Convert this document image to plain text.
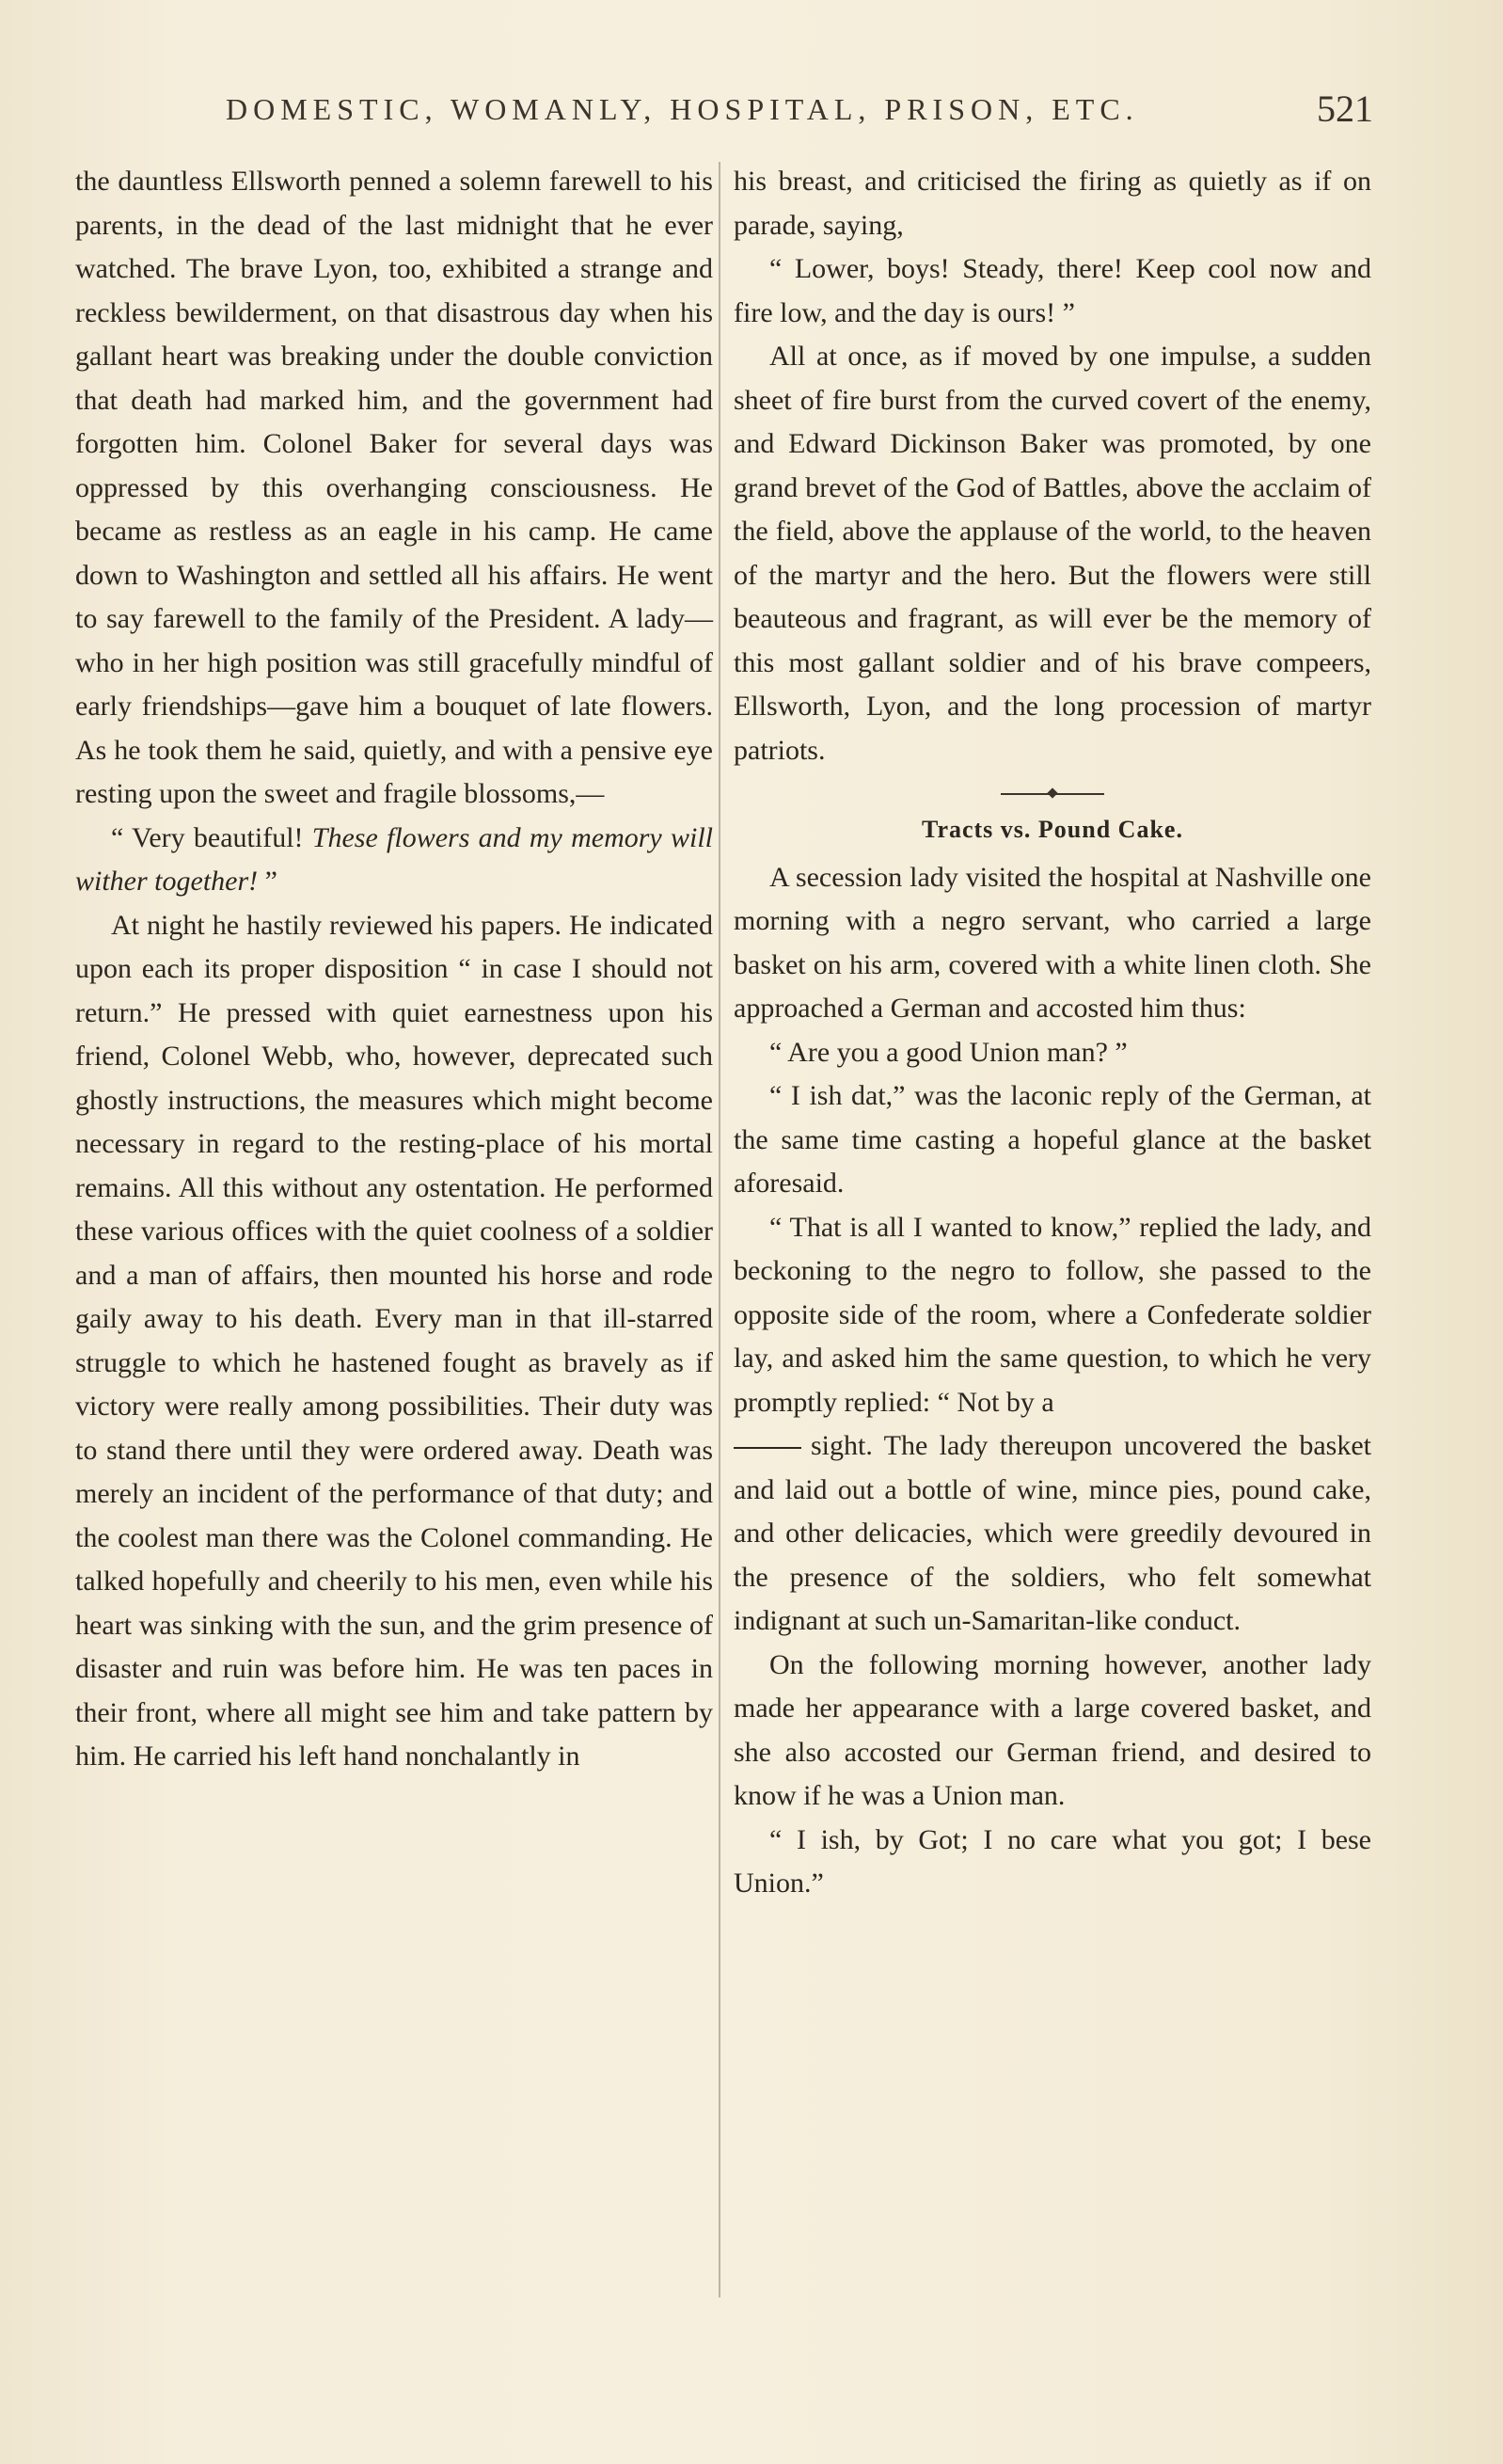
DOMESTIC, WOMANLY, HOSPITAL, PRISON, ETC.	521

the dauntless Ellsworth penned a solemn farewell to his parents, in the dead of the last midnight that he ever watched. The brave Lyon, too, exhibited a strange and reckless bewilderment, on that disastrous day when his gallant heart was breaking under the double conviction that death had marked him, and the government had forgotten him. Colonel Baker for several days was oppressed by this overhanging consciousness. He became as restless as an eagle in his camp. He came down to Washington and settled all his affairs. He went to say farewell to the family of the President. A lady—who in her high position was still gracefully mindful of early friendships—gave him a bouquet of late flowers. As he took them he said, quietly, and with a pensive eye resting upon the sweet and fragile blossoms,—

“ Very beautiful! These flowers and my memory will wither together! ”

At night he hastily reviewed his papers. He indicated upon each its proper disposition “ in case I should not return.” He pressed with quiet earnestness upon his friend, Colonel Webb, who, however, deprecated such ghostly instructions, the measures which might become necessary in regard to the resting-place of his mortal remains. All this without any ostentation. He performed these various offices with the quiet coolness of a soldier and a man of affairs, then mounted his horse and rode gaily away to his death. Every man in that ill-starred struggle to which he hastened fought as bravely as if victory were really among possibilities. Their duty was to stand there until they were ordered away. Death was merely an incident of the performance of that duty; and the coolest man there was the Colonel commanding. He talked hopefully and cheerily to his men, even while his heart was sinking with the sun, and the grim presence of disaster and ruin was before him. He was ten paces in their front, where all might see him and take pattern by him. He carried his left hand nonchalantly in

his breast, and criticised the firing as quietly as if on parade, saying,

“ Lower, boys! Steady, there! Keep cool now and fire low, and the day is ours! ”

All at once, as if moved by one impulse, a sudden sheet of fire burst from the curved covert of the enemy, and Edward Dickinson Baker was promoted, by one grand brevet of the God of Battles, above the acclaim of the field, above the applause of the world, to the heaven of the martyr and the hero. But the flowers were still beauteous and fragrant, as will ever be the memory of this most gallant soldier and of his brave compeers, Ellsworth, Lyon, and the long procession of martyr patriots.

Tracts vs. Pound Cake.

A secession lady visited the hospital at Nashville one morning with a negro servant, who carried a large basket on his arm, covered with a white linen cloth. She approached a German and accosted him thus:

“ Are you a good Union man? ”

“ I ish dat,” was the laconic reply of the German, at the same time casting a hopeful glance at the basket aforesaid.

“ That is all I wanted to know,” replied the lady, and beckoning to the negro to follow, she passed to the opposite side of the room, where a Confederate soldier lay, and asked him the same question, to which he very promptly replied: “ Not by a

sight. The lady thereupon uncovered the basket and laid out a bottle of wine, mince pies, pound cake, and other delicacies, which were greedily devoured in the presence of the soldiers, who felt somewhat indignant at such un-Samaritan-like conduct.

On the following morning however, another lady made her appearance with a large covered basket, and she also accosted our German friend, and desired to know if he was a Union man.

“ I ish, by Got; I no care what you got; I bese Union.”
